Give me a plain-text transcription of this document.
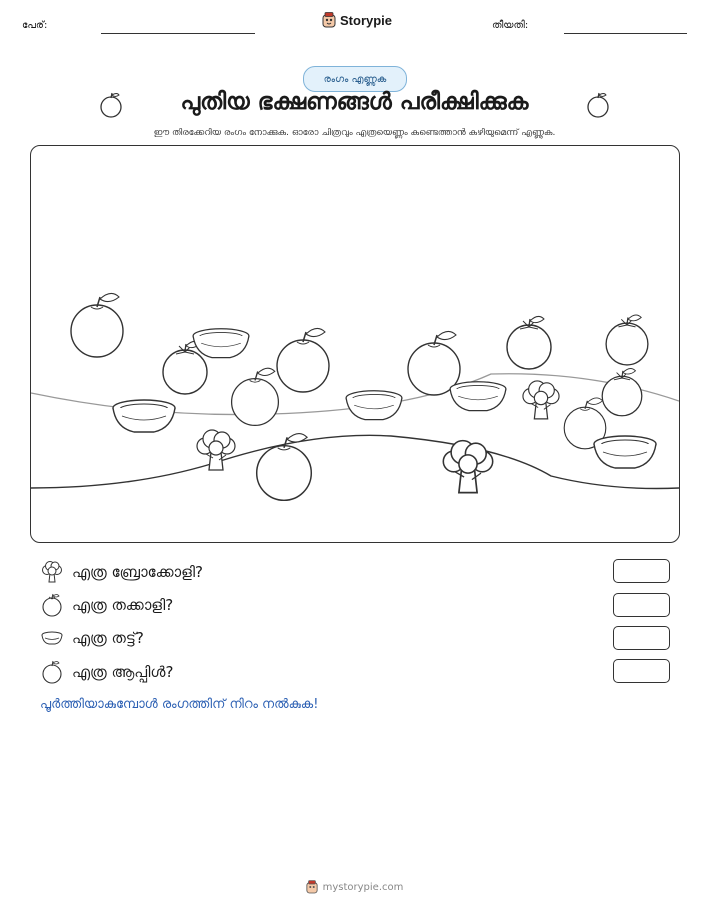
പേര്:	Storypie	തീയതി:
രംഗം എണ്ണുക
പുതിയ ഭക്ഷണങ്ങൾ പരീക്ഷിക്കുക
ഈ തിരക്കേറിയ രംഗം നോക്കുക. ഓരോ ചിത്രവും എത്രയെണ്ണം കണ്ടെത്താൻ കഴിയുമെന്ന് എണ്ണുക.
എത്ര ബ്രോക്കോളി?
എത്ര തക്കാളി?
എത്ര തട്ട്?
എത്ര ആപ്പിൾ?
പൂർത്തിയാകുമ്പോൾ രംഗത്തിന് നിറം നൽകുക!
mystorypie.com
